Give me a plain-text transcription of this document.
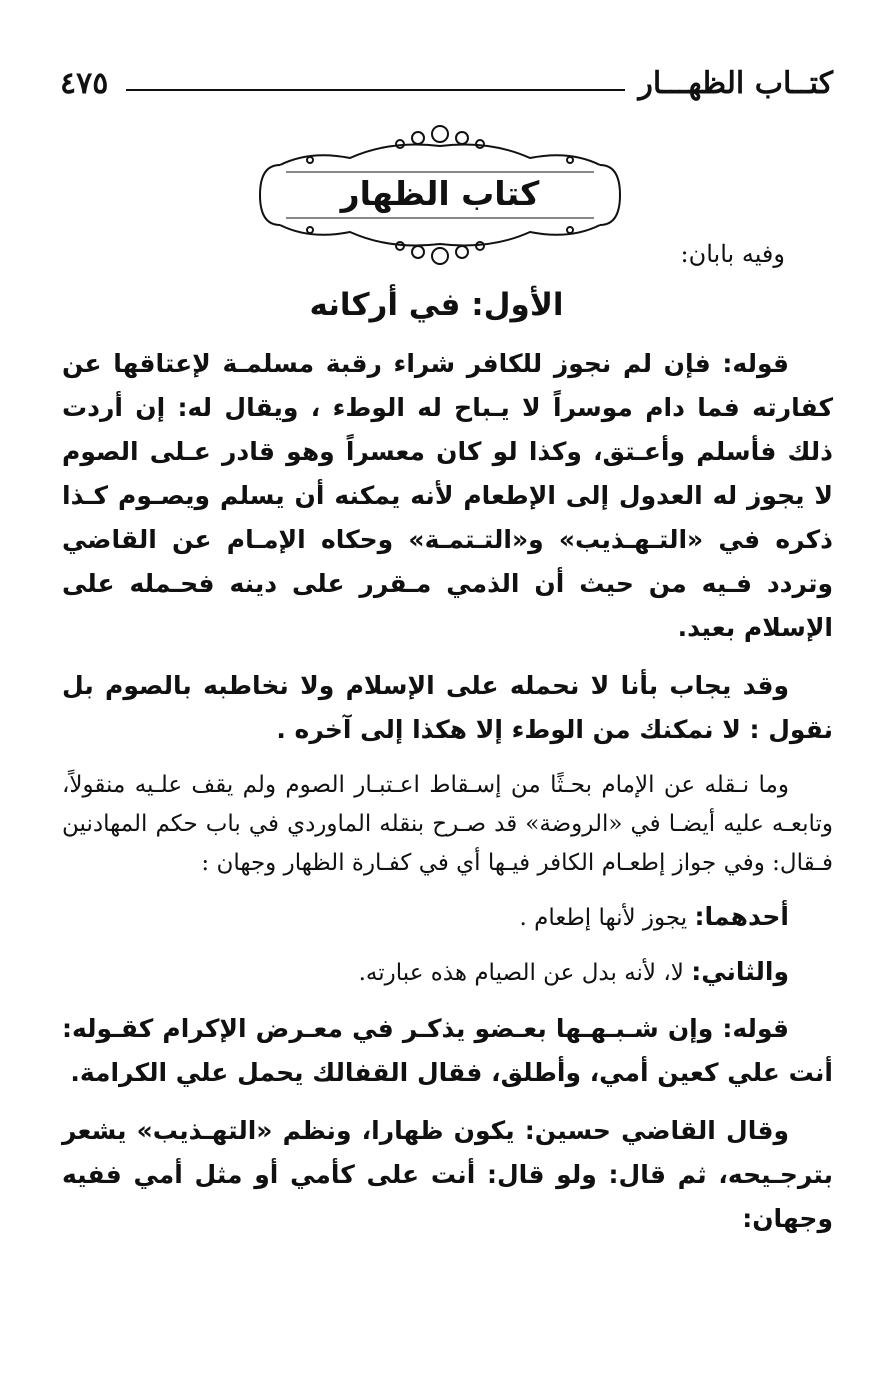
كتــاب الظهـــار
٤٧٥
كتاب الظهار
وفيه بابان:
الأول: في أركانه

قوله: فإن لم نجوز للكافر شراء رقبة مسلمـة لإعتاقها عن كفارته فما دام موسراً لا يـباح له الوطء ، ويقال له: إن أردت ذلك فأسلم وأعـتق، وكذا لو كان معسراً وهو قادر عـلى الصوم لا يجوز له العدول إلى الإطعام لأنه يمكنه أن يسلم ويصـوم كـذا ذكره في «التـهـذيب» و«التـتمـة» وحكاه الإمـام عن القاضي وتردد فـيه من حيث أن الذمي مـقرر على دينه فحـمله على الإسلام بعيد.

وقد يجاب بأنا لا نحمله على الإسلام ولا نخاطبه بالصوم بل نقول : لا نمكنك من الوطء إلا هكذا إلى آخره .

وما نـقله عن الإمام بحـثًا من إسـقاط اعـتبـار الصوم ولم يقف علـيه منقولاً، وتابعـه عليه أيضـا في «الروضة» قد صـرح بنقله الماوردي في باب حكم المهادنين فـقال: وفي جواز إطعـام الكافر فيـها أي في كفـارة الظهار وجهان :

أحدهما: يجوز لأنها إطعام .

والثاني: لا، لأنه بدل عن الصيام هذه عبارته.

قوله: وإن شـبـهـها بعـضو يذكـر في معـرض الإكرام كقـوله: أنت علي كعين أمي، وأطلق، فقال القفالك يحمل علي الكرامة.

وقال القاضي حسين: يكون ظهارا، ونظم «التهـذيب» يشعر بترجـيحه، ثم قال: ولو قال: أنت على كأمي أو مثل أمي ففيه وجهان:
